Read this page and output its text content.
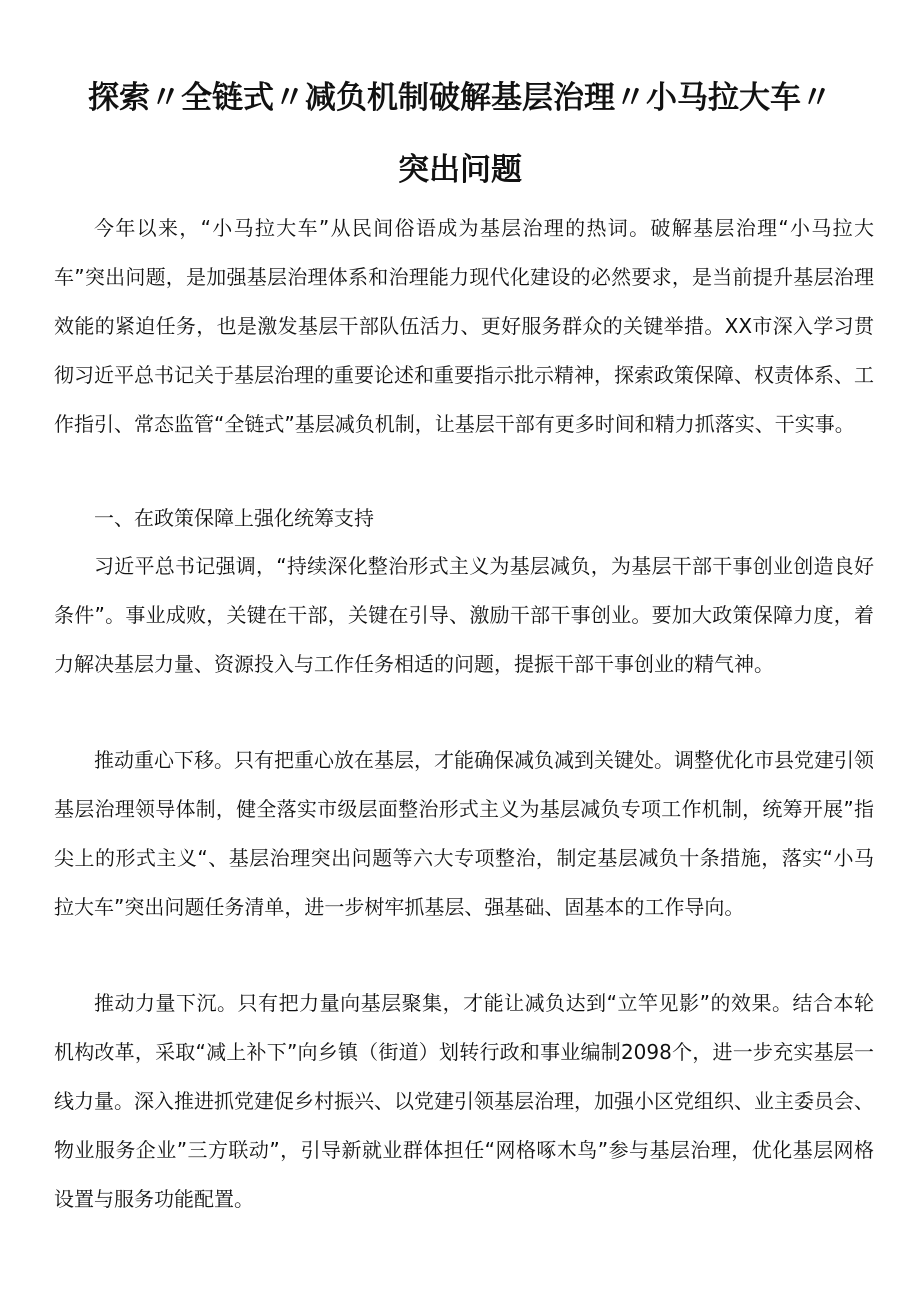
探索〃全链式〃减负机制破解基层治理〃小马拉大车〃
突出问题

今年以来，“小马拉大车”从民间俗语成为基层治理的热词。破解基层治理“小马拉大车”突出问题，是加强基层治理体系和治理能力现代化建设的必然要求，是当前提升基层治理效能的紧迫任务，也是激发基层干部队伍活力、更好服务群众的关键举措。XX市深入学习贯彻习近平总书记关于基层治理的重要论述和重要指示批示精神，探索政策保障、权责体系、工作指引、常态监管“全链式”基层减负机制，让基层干部有更多时间和精力抓落实、干实事。

一、在政策保障上强化统筹支持

习近平总书记强调，“持续深化整治形式主义为基层减负，为基层干部干事创业创造良好条件”。事业成败，关键在干部，关键在引导、激励干部干事创业。要加大政策保障力度，着力解决基层力量、资源投入与工作任务相适的问题，提振干部干事创业的精气神。

推动重心下移。只有把重心放在基层，才能确保减负减到关键处。调整优化市县党建引领基层治理领导体制，健全落实市级层面整治形式主义为基层减负专项工作机制，统筹开展”指尖上的形式主义“、基层治理突出问题等六大专项整治，制定基层减负十条措施，落实“小马拉大车”突出问题任务清单，进一步树牢抓基层、强基础、固基本的工作导向。

推动力量下沉。只有把力量向基层聚集，才能让减负达到“立竿见影”的效果。结合本轮机构改革，采取“减上补下”向乡镇（街道）划转行政和事业编制2098个，进一步充实基层一线力量。深入推进抓党建促乡村振兴、以党建引领基层治理，加强小区党组织、业主委员会、物业服务企业”三方联动”，引导新就业群体担任“网格啄木鸟”参与基层治理，优化基层网格设置与服务功能配置。
